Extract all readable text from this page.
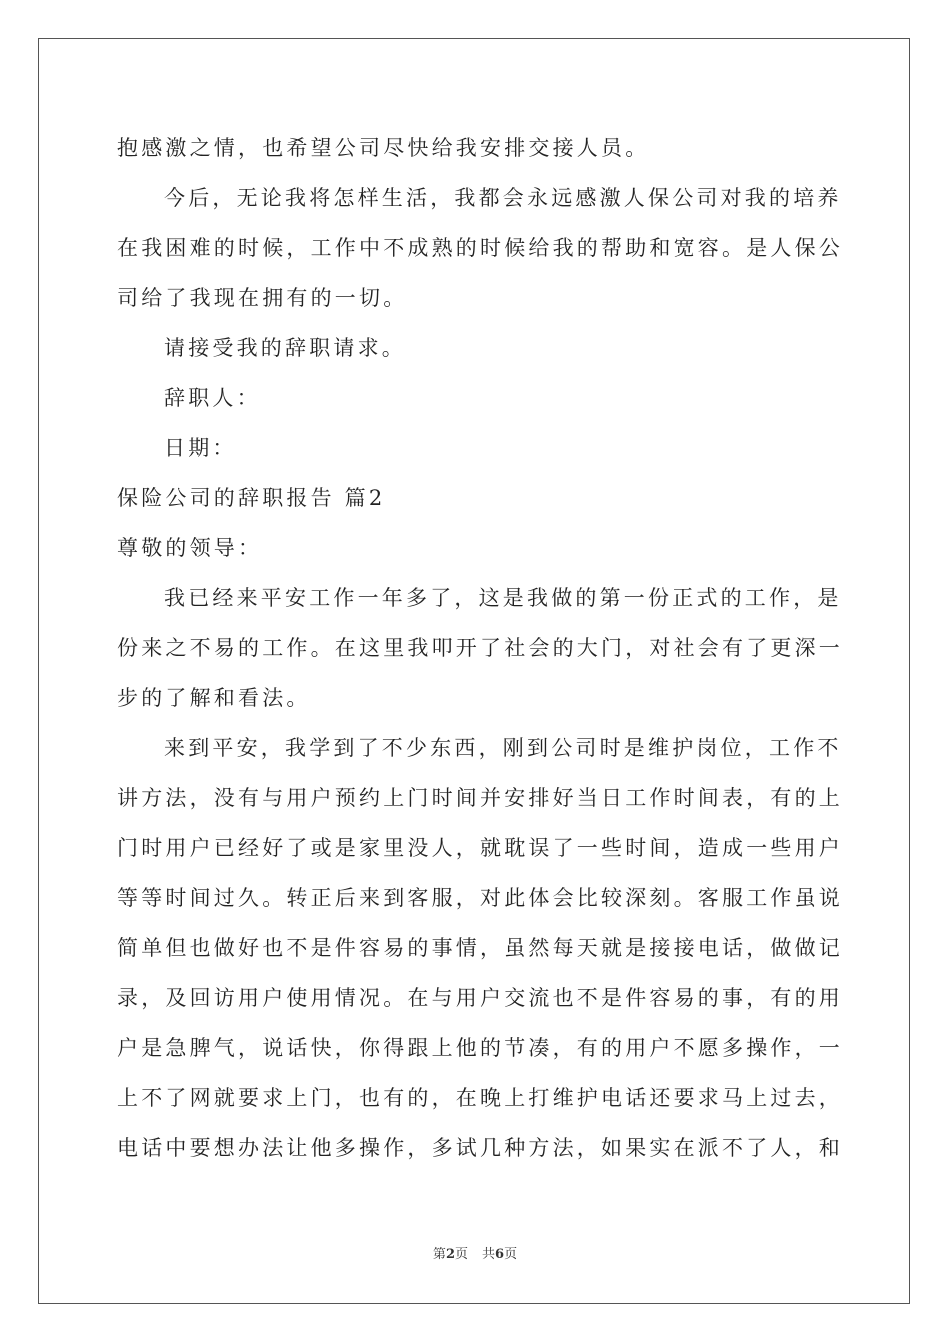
抱感激之情，也希望公司尽快给我安排交接人员。
今后，无论我将怎样生活，我都会永远感激人保公司对我的培养
在我困难的时候，工作中不成熟的时候给我的帮助和宽容。是人保公
司给了我现在拥有的一切。
请接受我的辞职请求。
辞职人：
日期：
保险公司的辞职报告 篇2
尊敬的领导：
我已经来平安工作一年多了，这是我做的第一份正式的工作，是
份来之不易的工作。在这里我叩开了社会的大门，对社会有了更深一
步的了解和看法。
来到平安，我学到了不少东西，刚到公司时是维护岗位，工作不
讲方法，没有与用户预约上门时间并安排好当日工作时间表，有的上
门时用户已经好了或是家里没人，就耽误了一些时间，造成一些用户
等等时间过久。转正后来到客服，对此体会比较深刻。客服工作虽说
简单但也做好也不是件容易的事情，虽然每天就是接接电话，做做记
录，及回访用户使用情况。在与用户交流也不是件容易的事，有的用
户是急脾气，说话快，你得跟上他的节凑，有的用户不愿多操作，一
上不了网就要求上门，也有的，在晚上打维护电话还要求马上过去，
电话中要想办法让他多操作，多试几种方法，如果实在派不了人，和
第2页 共6页
